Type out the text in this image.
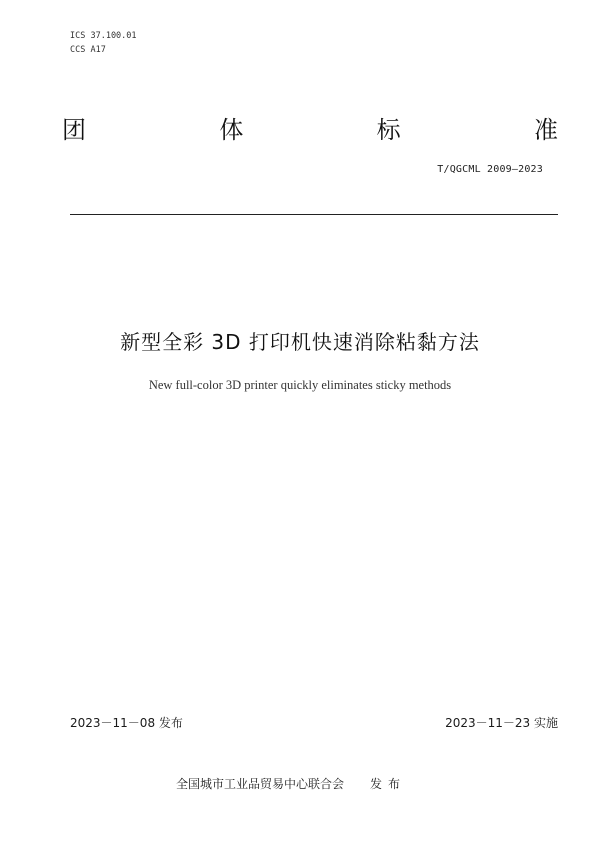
ICS 37.100.01
CCS A17
团	体	标	准
T/QGCML 2009—2023
新型全彩 3D 打印机快速消除粘黏方法
New full-color 3D printer quickly eliminates sticky methods
2023－11－08 发布	2023－11－23 实施
全国城市工业品贸易中心联合会 发布
